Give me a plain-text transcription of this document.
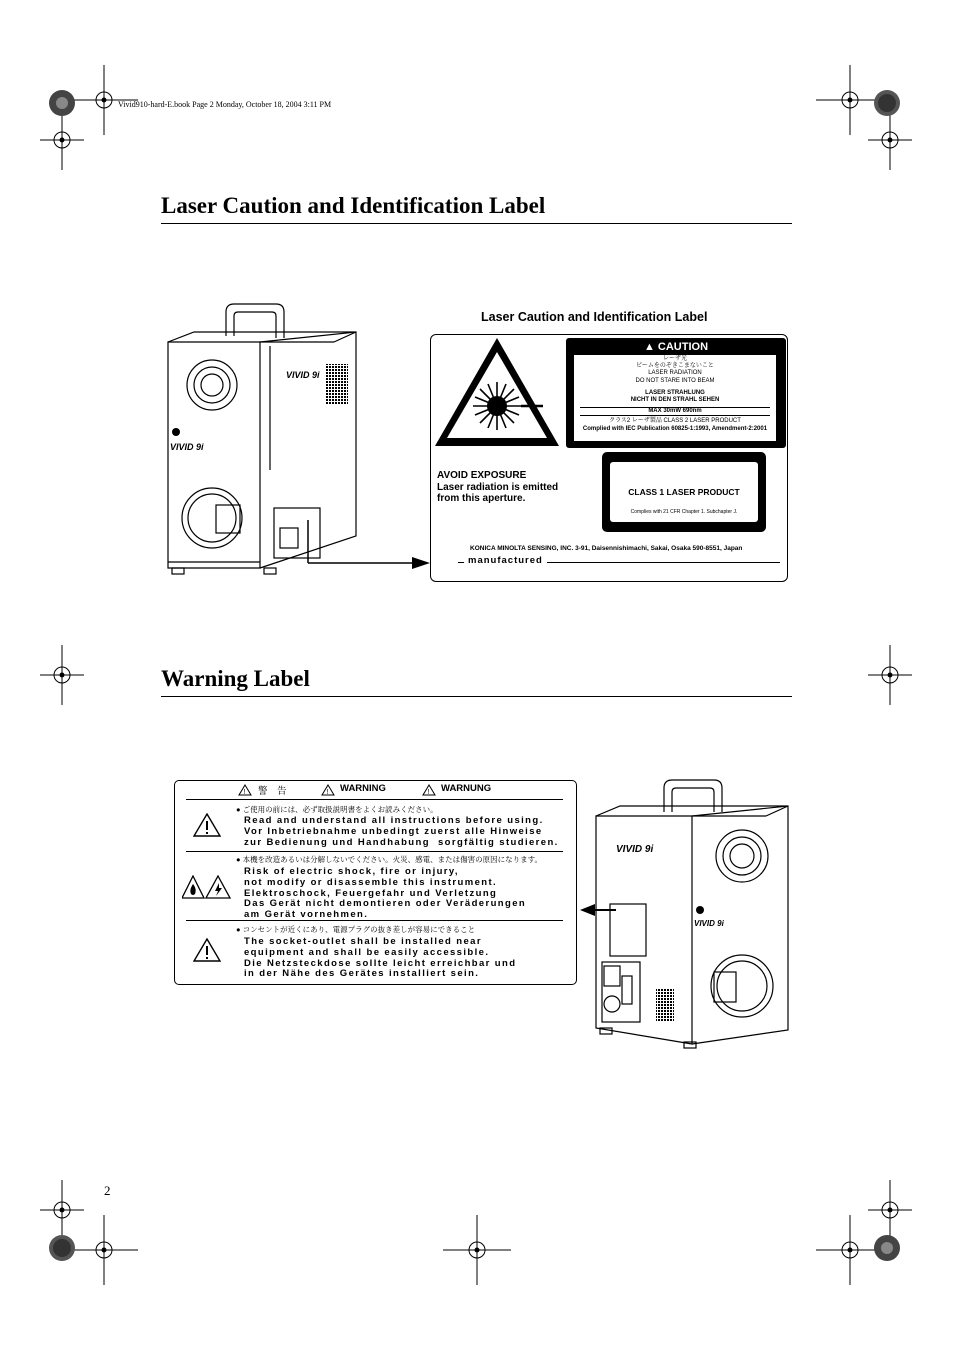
Vivid910-hard-E.book Page 2 Monday, October 18, 2004 3:11 PM
Laser Caution and Identification Label
VIVID 9i
VIVID 9i
Laser Caution and Identification Label
▲ CAUTION
レーザ光
ビームをのぞきこまないこと
LASER RADIATION
DO NOT STARE INTO BEAM
LASER STRAHLUNG
NICHT IN DEN STRAHL SEHEN
MAX 30mW 690nm
クラス2 レーザ製品 CLASS 2 LASER PRODUCT
Complied with IEC Publication 60825-1:1993, Amendment-2:2001
AVOID EXPOSURE
Laser radiation is emitted
from this aperture.
CLASS 1 LASER PRODUCT
Complies with 21 CFR Chapter 1. Subchapter J.
KONICA MINOLTA SENSING, INC. 3-91, Daisennishimachi, Sakai, Osaka 590-8551, Japan
manufactured
Warning Label
! 警　告	! WARNING	! WARNUNG
● ご使用の前には、必ず取扱説明書をよくお読みください。
Read and understand all instructions before using.
Vor Inbetriebnahme unbedingt zuerst alle Hinweise
zur Bedienung und Handhabung  sorgfältig studieren.
● 本機を改造あるいは分解しないでください。火災、感電、または傷害の原因になります。
Risk of electric shock, fire or injury,
not modify or disassemble this instrument.
Elektroschock, Feuergefahr und Verletzung
Das Gerät nicht demontieren oder Veräderungen
am Gerät vornehmen.
● コンセントが近くにあり、電源プラグの抜き差しが容易にできること
The socket-outlet shall be installed near
equipment and shall be easily accessible.
Die Netzsteckdose sollte leicht erreichbar und
in der Nähe des Gerätes installiert sein.
VIVID 9i
VIVID 9i
2
